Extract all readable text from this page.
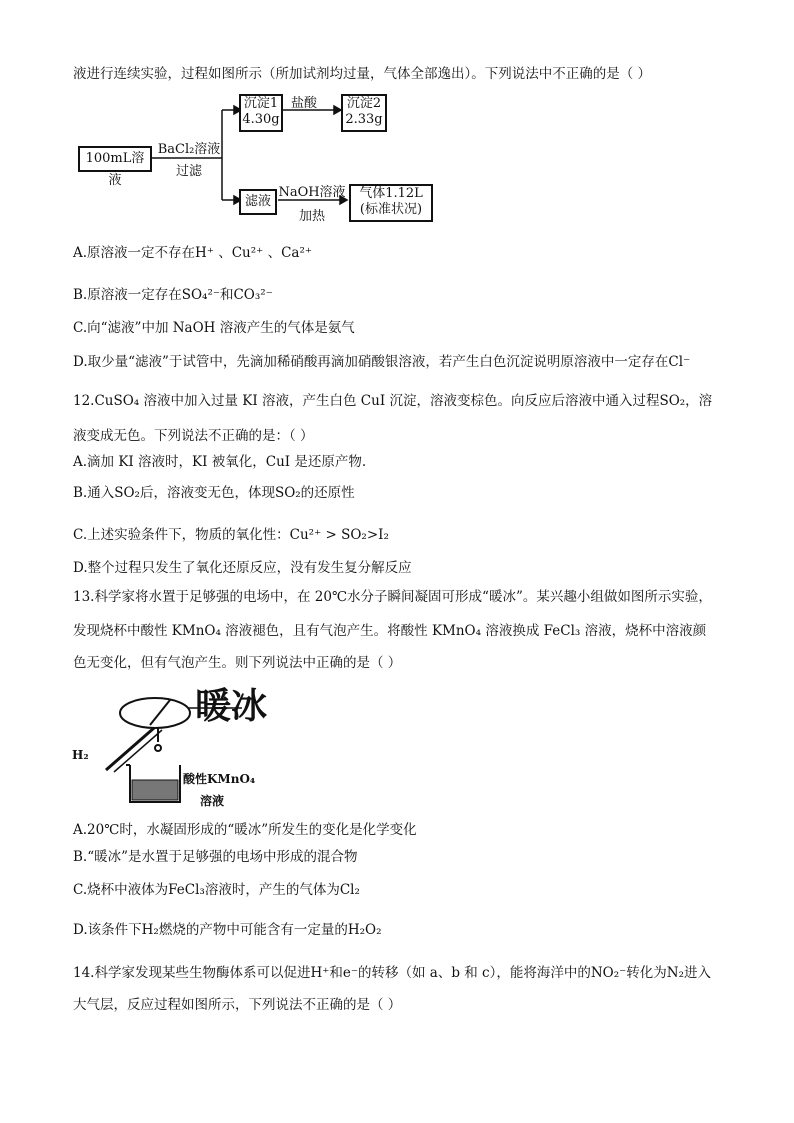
液进行连续实验，过程如图所示（所加试剂均过量，气体全部逸出）。下列说法中不正确的是（ ）
100mL溶液
BaCl₂溶液
过滤
沉淀1
4.30g
盐酸	沉淀2
2.33g
滤液
NaOH溶液
加热
气体1.12L
(标准状况)
A.原溶液一定不存在H⁺ 、Cu²⁺ 、Ca²⁺
B.原溶液一定存在SO₄²⁻和CO₃²⁻
C.向“滤液”中加 NaOH 溶液产生的气体是氨气
D.取少量“滤液”于试管中，先滴加稀硝酸再滴加硝酸银溶液，若产生白色沉淀说明原溶液中一定存在Cl⁻
12.CuSO₄ 溶液中加入过量 KI 溶液，产生白色 CuI 沉淀，溶液变棕色。向反应后溶液中通入过程SO₂，溶
液变成无色。下列说法不正确的是：（ ）
A.滴加 KI 溶液时，KI 被氧化，CuI 是还原产物.
B.通入SO₂后，溶液变无色，体现SO₂的还原性
C.上述实验条件下，物质的氧化性：Cu²⁺ > SO₂>I₂
D.整个过程只发生了氧化还原反应，没有发生复分解反应
13.科学家将水置于足够强的电场中，在 20℃水分子瞬间凝固可形成“暖冰”。某兴趣小组做如图所示实验，
发现烧杯中酸性 KMnO₄ 溶液褪色，且有气泡产生。将酸性 KMnO₄ 溶液换成 FeCl₃ 溶液，烧杯中溶液颜
色无变化，但有气泡产生。则下列说法中正确的是（ ）
暖冰
H₂
酸性KMnO₄
溶液
A.20℃时，水凝固形成的“暖冰”所发生的变化是化学变化
B.“暖冰”是水置于足够强的电场中形成的混合物
C.烧杯中液体为FeCl₃溶液时，产生的气体为Cl₂
D.该条件下H₂燃烧的产物中可能含有一定量的H₂O₂
14.科学家发现某些生物酶体系可以促进H⁺和e⁻的转移（如 a、b 和 c），能将海洋中的NO₂⁻转化为N₂进入
大气层，反应过程如图所示，下列说法不正确的是（ ）
